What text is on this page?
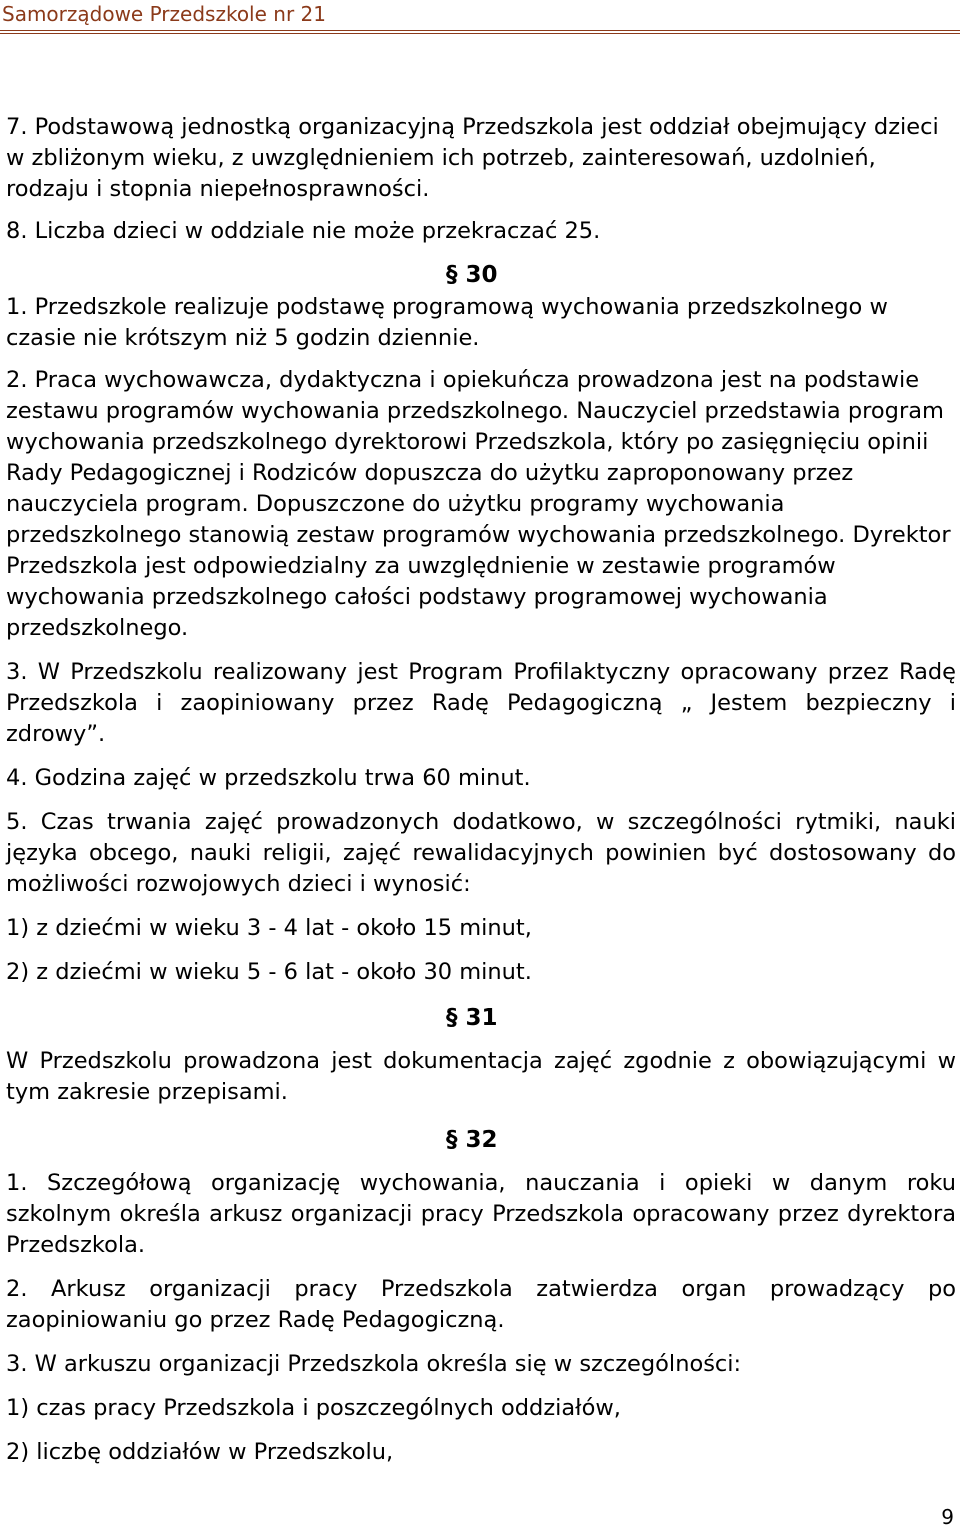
Samorządowe Przedszkole nr 21

7. Podstawową jednostką organizacyjną Przedszkola jest oddział obejmujący dzieci w zbliżonym wieku, z uwzględnieniem ich potrzeb, zainteresowań, uzdolnień, rodzaju i stopnia niepełnosprawności.

8. Liczba dzieci w oddziale nie może przekraczać 25.

§ 30

1. Przedszkole realizuje podstawę programową wychowania przedszkolnego w czasie nie krótszym niż 5 godzin dziennie.

2. Praca wychowawcza, dydaktyczna i opiekuńcza prowadzona jest na podstawie zestawu programów wychowania przedszkolnego. Nauczyciel przedstawia program wychowania przedszkolnego dyrektorowi Przedszkola, który po zasięgnięciu opinii Rady Pedagogicznej i Rodziców dopuszcza do użytku zaproponowany przez nauczyciela program. Dopuszczone do użytku programy wychowania przedszkolnego stanowią zestaw programów wychowania przedszkolnego. Dyrektor Przedszkola jest odpowiedzialny za uwzględnienie w zestawie programów wychowania przedszkolnego całości podstawy programowej wychowania przedszkolnego.

3. W Przedszkolu realizowany jest Program Profilaktyczny opracowany przez Radę Przedszkola i zaopiniowany przez Radę Pedagogiczną „ Jestem bezpieczny i zdrowy”.

4. Godzina zajęć w przedszkolu trwa 60 minut.

5. Czas trwania zajęć prowadzonych dodatkowo, w szczególności rytmiki, nauki języka obcego, nauki religii, zajęć rewalidacyjnych powinien być dostosowany do możliwości rozwojowych dzieci i wynosić:

1) z dziećmi w wieku 3 - 4 lat - około 15 minut,

2) z dziećmi w wieku 5 - 6 lat - około 30 minut.

§ 31

W Przedszkolu prowadzona jest dokumentacja zajęć zgodnie z obowiązującymi w tym zakresie przepisami.

§ 32

1. Szczegółową organizację wychowania, nauczania i opieki w danym roku szkolnym określa arkusz organizacji pracy Przedszkola opracowany przez dyrektora Przedszkola.

2. Arkusz organizacji pracy Przedszkola zatwierdza organ prowadzący po zaopiniowaniu go przez Radę Pedagogiczną.

3. W arkuszu organizacji Przedszkola określa się w szczególności:

1) czas pracy Przedszkola i poszczególnych oddziałów,

2) liczbę oddziałów w Przedszkolu,

9
